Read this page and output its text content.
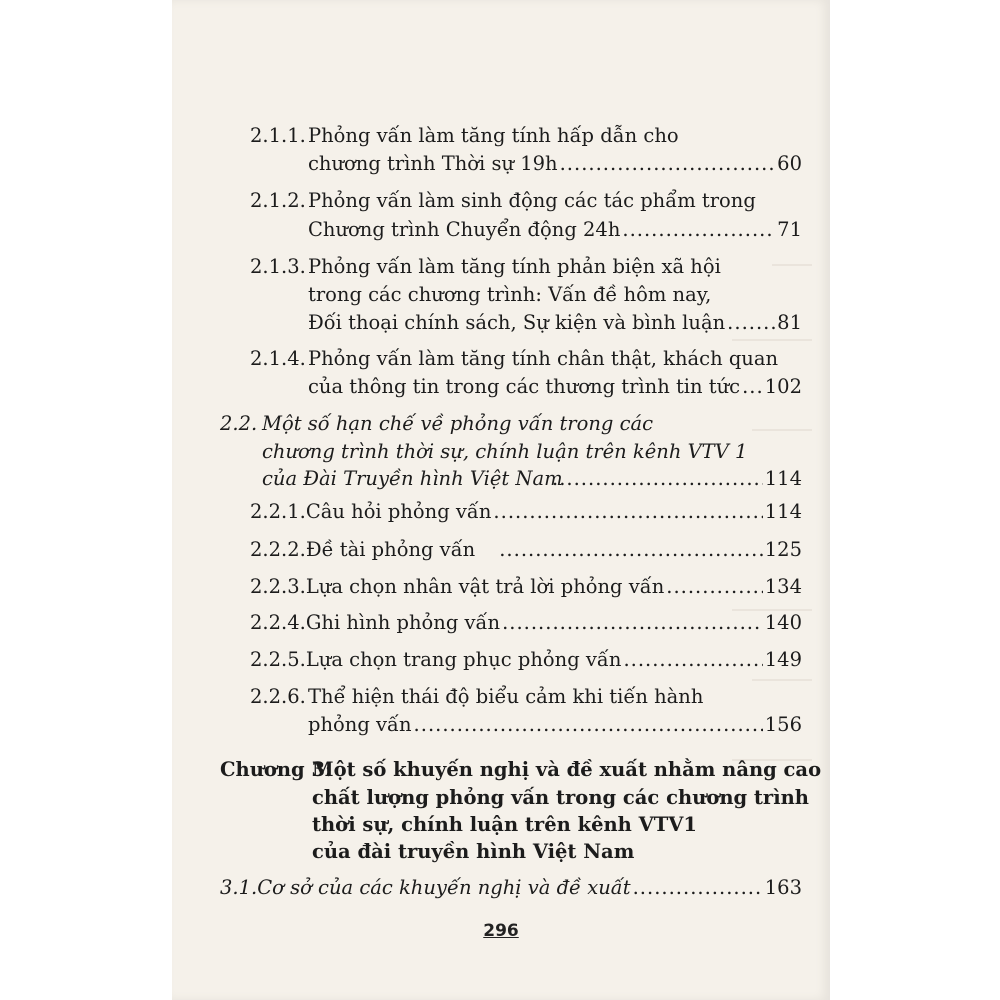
2.1.1. Phỏng vấn làm tăng tính hấp dẫn cho
chương trình Thời sự 19h .....	60
2.1.2. Phỏng vấn làm sinh động các tác phẩm trong
Chương trình Chuyển động 24h .....	71
2.1.3. Phỏng vấn làm tăng tính phản biện xã hội
trong các chương trình: Vấn đề hôm nay,
Đối thoại chính sách, Sự kiện và bình luận .....	81
2.1.4. Phỏng vấn làm tăng tính chân thật, khách quan
của thông tin trong các thương trình tin tức ..... 102
2.2. Một số hạn chế về phỏng vấn trong các
chương trình thời sự, chính luận trên kênh VTV 1
của Đài Truyền hình Việt Nam .....	114
2.2.1. Câu hỏi phỏng vấn .....	114
2.2.2. Đề tài phỏng vấn .....	125
2.2.3. Lựa chọn nhân vật trả lời phỏng vấn .....	134
2.2.4. Ghi hình phỏng vấn .....	140
2.2.5. Lựa chọn trang phục phỏng vấn .....	149
2.2.6. Thể hiện thái độ biểu cảm khi tiến hành
phỏng vấn .....	156
Chương 3:
Một số khuyến nghị và đề xuất nhằm nâng cao
chất lượng phỏng vấn trong các chương trình
thời sự, chính luận trên kênh VTV1
của đài truyền hình Việt Nam
3.1. Cơ sở của các khuyến nghị và đề xuất .....	163
296
